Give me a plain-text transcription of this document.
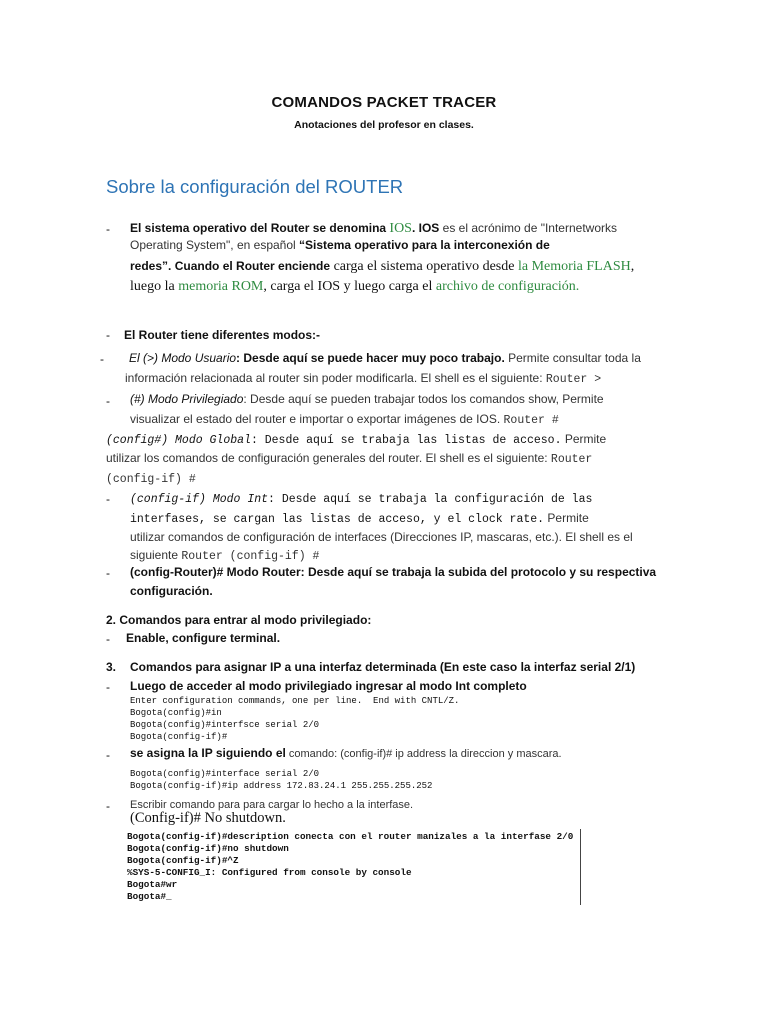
COMANDOS PACKET TRACER
Anotaciones del profesor en clases.
Sobre la configuración del ROUTER
- El sistema operativo del Router se denomina IOS. IOS es el acrónimo de "Internetworks
Operating System", en español “Sistema operativo para la interconexión de
redes”. Cuando el Router enciende carga el sistema operativo desde la Memoria FLASH,
luego la memoria ROM, carga el IOS y luego carga el archivo de configuración.
- El Router tiene diferentes modos:-
- El (>) Modo Usuario: Desde aquí se puede hacer muy poco trabajo. Permite consultar toda la
información relacionada al router sin poder modificarla. El shell es el siguiente: Router >
- (#) Modo Privilegiado: Desde aquí se pueden trabajar todos los comandos show, Permite
visualizar el estado del router e importar o exportar imágenes de IOS. Router #
(config#) Modo Global: Desde aquí se trabaja las listas de acceso. Permite
utilizar los comandos de configuración generales del router. El shell es el siguiente: Router
(config-if) #
- (config-if) Modo Int: Desde aquí se trabaja la configuración de las
interfases, se cargan las listas de acceso, y el clock rate. Permite
utilizar comandos de configuración de interfaces (Direcciones IP, mascaras, etc.). El shell es el
siguiente Router (config-if) #
- (config-Router)# Modo Router: Desde aquí se trabaja la subida del protocolo y su respectiva
configuración.
2. Comandos para entrar al modo privilegiado:
- Enable, configure terminal.
3. Comandos para asignar IP a una interfaz determinada (En este caso la interfaz serial 2/1)
- Luego de acceder al modo privilegiado ingresar al modo Int completo
Enter configuration commands, one per line.  End with CNTL/Z.
Bogota(config)#in
Bogota(config)#interfsce serial 2/0
Bogota(config-if)#
- se asigna la IP siguiendo el comando: (config-if)# ip address la direccion y mascara.
Bogota(config)#interface serial 2/0
Bogota(config-if)#ip address 172.83.24.1 255.255.255.252
- Escribir comando para para cargar lo hecho a la interfase.
(Config-if)# No shutdown.
Bogota(config-if)#description conecta con el router manizales a la interfase 2/0
Bogota(config-if)#no shutdown
Bogota(config-if)#^Z
%SYS-5-CONFIG_I: Configured from console by console
Bogota#wr
Bogota#_
